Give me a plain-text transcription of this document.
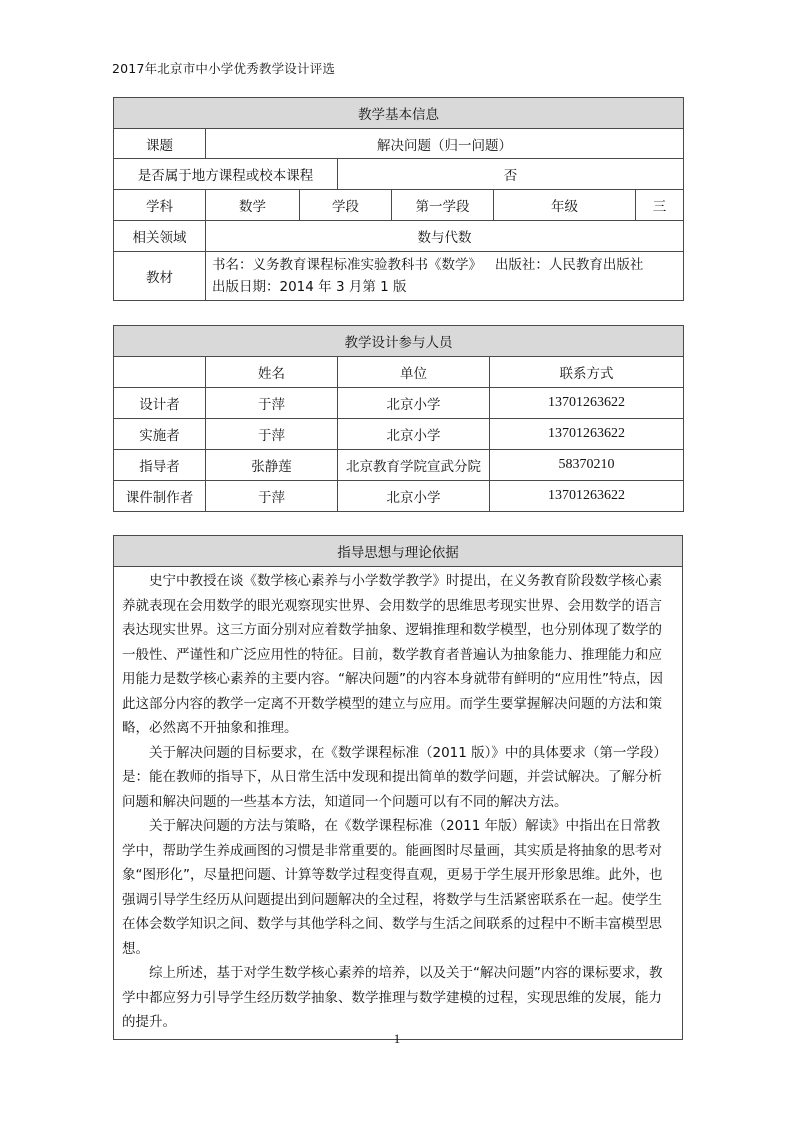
2017年北京市中小学优秀教学设计评选
教学基本信息						
课题	解决问题（归一问题）					
是否属于地方课程或校本课程			否			
学科	数学	学段		第一学段	年级	三
相关领域	数与代数					
教材	书名：义务教育课程标准实验教科书《数学》   出版社：人民教育出版社
出版日期：2014 年 3 月第 1 版					
教学设计参与人员			
	姓名	单位	联系方式
设计者	于萍	北京小学	13701263622
实施者	于萍	北京小学	13701263622
指导者	张静莲	北京教育学院宣武分院	58370210
课件制作者	于萍	北京小学	13701263622
指导思想与理论依据

史宁中教授在谈《数学核心素养与小学数学教学》时提出，在义务教育阶段数学核心素养就表现在会用数学的眼光观察现实世界、会用数学的思维思考现实世界、会用数学的语言表达现实世界。这三方面分别对应着数学抽象、逻辑推理和数学模型，也分别体现了数学的一般性、严谨性和广泛应用性的特征。目前，数学教育者普遍认为抽象能力、推理能力和应用能力是数学核心素养的主要内容。“解决问题”的内容本身就带有鲜明的“应用性”特点，因此这部分内容的教学一定离不开数学模型的建立与应用。而学生要掌握解决问题的方法和策略，必然离不开抽象和推理。

关于解决问题的目标要求，在《数学课程标准（2011 版）》中的具体要求（第一学段）是：能在教师的指导下，从日常生活中发现和提出简单的数学问题，并尝试解决。了解分析问题和解决问题的一些基本方法，知道同一个问题可以有不同的解决方法。

关于解决问题的方法与策略，在《数学课程标准（2011 年版）解读》中指出在日常教学中，帮助学生养成画图的习惯是非常重要的。能画图时尽量画，其实质是将抽象的思考对象“图形化”，尽量把问题、计算等数学过程变得直观，更易于学生展开形象思维。此外，也强调引导学生经历从问题提出到问题解决的全过程，将数学与生活紧密联系在一起。使学生在体会数学知识之间、数学与其他学科之间、数学与生活之间联系的过程中不断丰富模型思想。

综上所述，基于对学生数学核心素养的培养，以及关于“解决问题”内容的课标要求，教学中都应努力引导学生经历数学抽象、数学推理与数学建模的过程，实现思维的发展，能力的提升。

1
